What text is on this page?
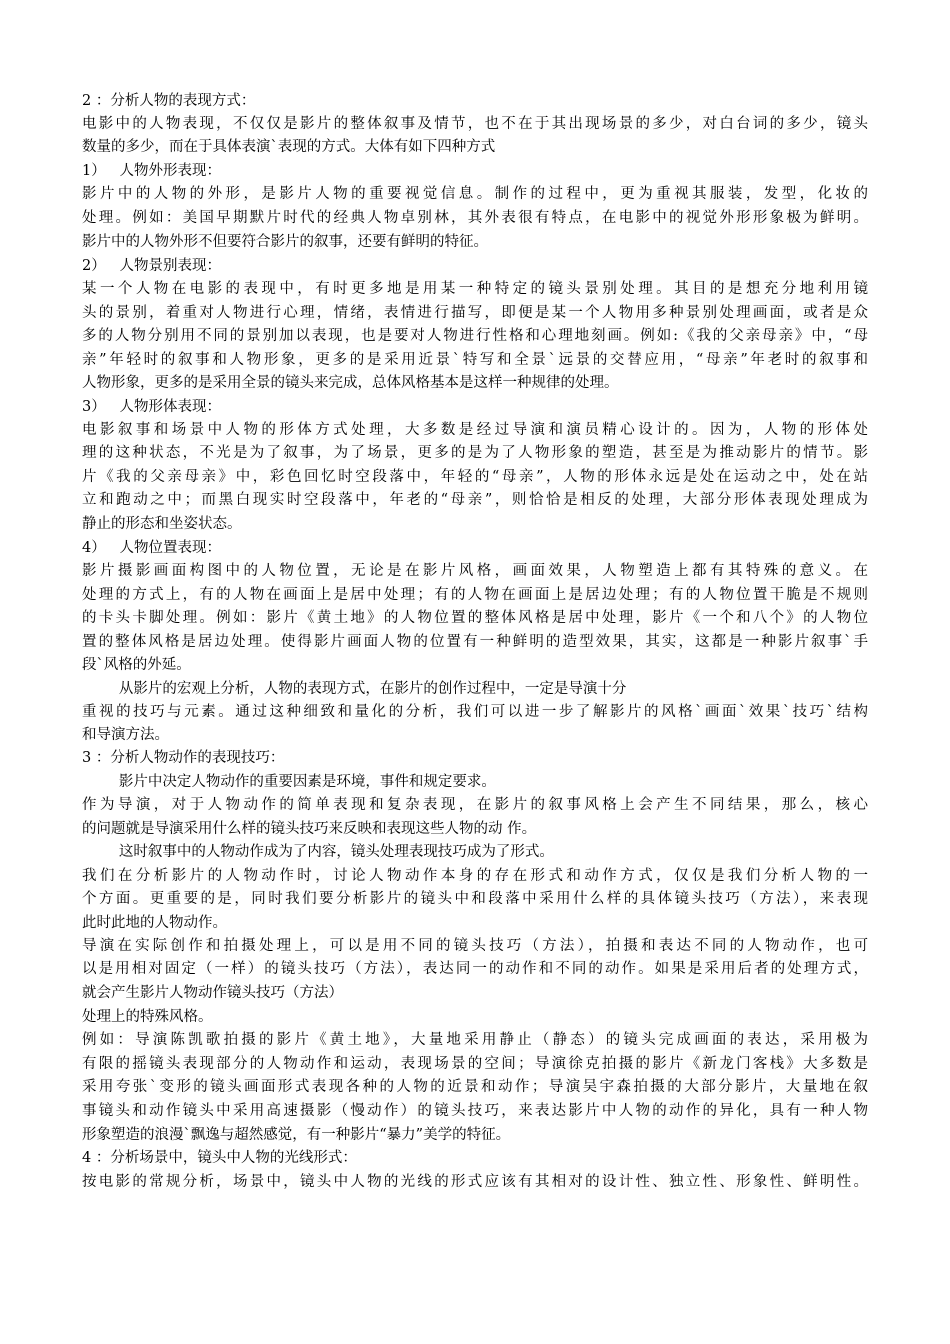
2 ：分析人物的表现方式：
电影中的人物表现，不仅仅是影片的整体叙事及情节，也不在于其出现场景的多少，对白台词的多少，镜头
数量的多少，而在于具体表演`表现的方式。大体有如下四种方式
1）   人物外形表现：
影片中的人物的外形，是影片人物的重要视觉信息。制作的过程中，更为重视其服装，发型，化妆的
处理。例如：美国早期默片时代的经典人物卓别林，其外表很有特点，在电影中的视觉外形形象极为鲜明。
影片中的人物外形不但要符合影片的叙事，还要有鲜明的特征。
2）   人物景别表现：
某一个人物在电影的表现中，有时更多地是用某一种特定的镜头景别处理。其目的是想充分地利用镜
头的景别，着重对人物进行心理，情绪，表情进行描写，即便是某一个人物用多种景别处理画面，或者是众
多的人物分别用不同的景别加以表现，也是要对人物进行性格和心理地刻画。例如:《我的父亲母亲》中，“母
亲”年轻时的叙事和人物形象，更多的是采用近景`特写和全景`远景的交替应用，“母亲”年老时的叙事和
人物形象，更多的是采用全景的镜头来完成，总体风格基本是这样一种规律的处理。
3）   人物形体表现：
电影叙事和场景中人物的形体方式处理，大多数是经过导演和演员精心设计的。因为，人物的形体处
理的这种状态，不光是为了叙事，为了场景，更多的是为了人物形象的塑造，甚至是为推动影片的情节。影
片《我的父亲母亲》中，彩色回忆时空段落中，年轻的“母亲”，人物的形体永远是处在运动之中，处在站
立和跑动之中；而黑白现实时空段落中，年老的“母亲”，则恰恰是相反的处理，大部分形体表现处理成为
静止的形态和坐姿状态。
4）   人物位置表现：
影片摄影画面构图中的人物位置，无论是在影片风格，画面效果，人物塑造上都有其特殊的意义。在
处理的方式上，有的人物在画面上是居中处理；有的人物在画面上是居边处理；有的人物位置干脆是不规则
的卡头卡脚处理。例如：影片《黄土地》的人物位置的整体风格是居中处理，影片《一个和八个》的人物位
置的整体风格是居边处理。使得影片画面人物的位置有一种鲜明的造型效果，其实，这都是一种影片叙事`手
段`风格的外延。
从影片的宏观上分析，人物的表现方式，在影片的创作过程中，一定是导演十分
重视的技巧与元素。通过这种细致和量化的分析，我们可以进一步了解影片的风格`画面`效果`技巧`结构
和导演方法。
3 ：分析人物动作的表现技巧：
影片中决定人物动作的重要因素是环境，事件和规定要求。
作为导演，对于人物动作的简单表现和复杂表现，在影片的叙事风格上会产生不同结果，那么，核心
的问题就是导演采用什么样的镜头技巧来反映和表现这些人物的动 作。
这时叙事中的人物动作成为了内容，镜头处理表现技巧成为了形式。
我们在分析影片的人物动作时，讨论人物动作本身的存在形式和动作方式，仅仅是我们分析人物的一
个方面。更重要的是，同时我们要分析影片的镜头中和段落中采用什么样的具体镜头技巧（方法），来表现
此时此地的人物动作。
导演在实际创作和拍摄处理上，可以是用不同的镜头技巧（方法），拍摄和表达不同的人物动作，也可
以是用相对固定（一样）的镜头技巧（方法），表达同一的动作和不同的动作。如果是采用后者的处理方式，
就会产生影片人物动作镜头技巧（方法）
处理上的特殊风格。
例如：导演陈凯歌拍摄的影片《黄土地》，大量地采用静止（静态）的镜头完成画面的表达，采用极为
有限的摇镜头表现部分的人物动作和运动，表现场景的空间；导演徐克拍摄的影片《新龙门客栈》大多数是
采用夸张`变形的镜头画面形式表现各种的人物的近景和动作；导演吴宇森拍摄的大部分影片，大量地在叙
事镜头和动作镜头中采用高速摄影（慢动作）的镜头技巧，来表达影片中人物的动作的异化，具有一种人物
形象塑造的浪漫`飘逸与超然感觉，有一种影片“暴力”美学的特征。
4 ：分析场景中，镜头中人物的光线形式：
按电影的常规分析，场景中，镜头中人物的光线的形式应该有其相对的设计性、独立性、形象性、鲜明性。
